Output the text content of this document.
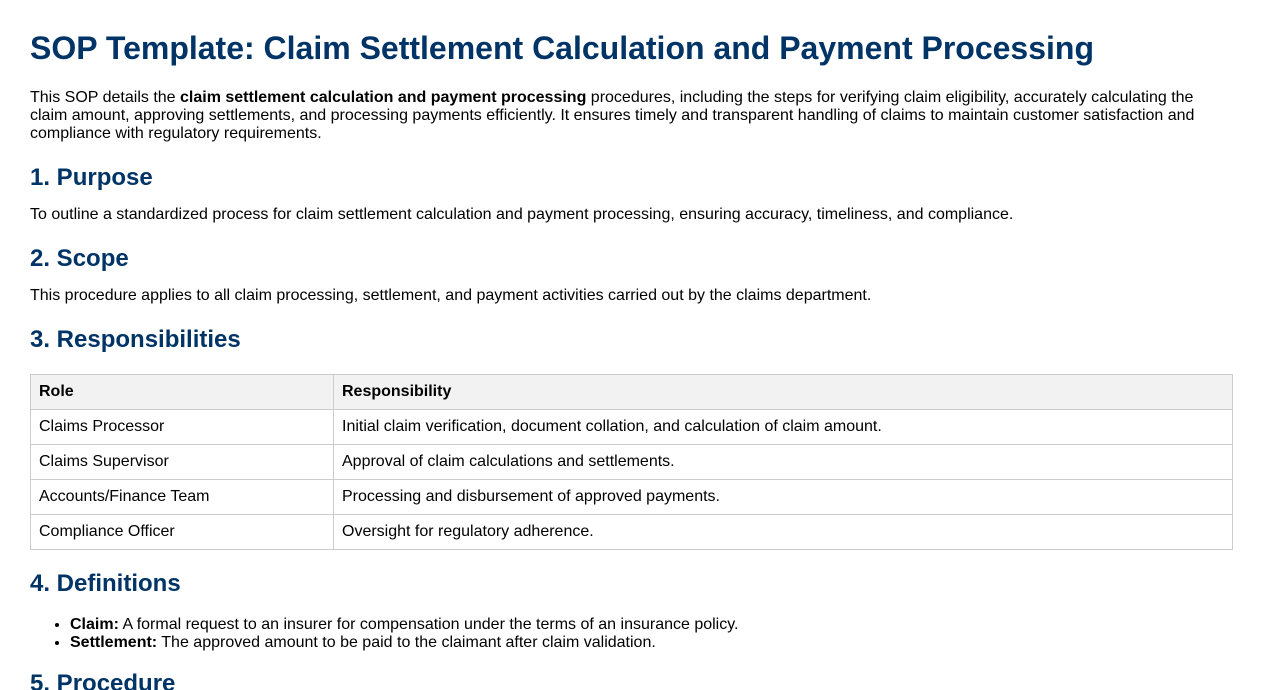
SOP Template: Claim Settlement Calculation and Payment Processing

This SOP details the claim settlement calculation and payment processing procedures, including the steps for verifying claim eligibility, accurately calculating the claim amount, approving settlements, and processing payments efficiently. It ensures timely and transparent handling of claims to maintain customer satisfaction and compliance with regulatory requirements.

1. Purpose

To outline a standardized process for claim settlement calculation and payment processing, ensuring accuracy, timeliness, and compliance.

2. Scope

This procedure applies to all claim processing, settlement, and payment activities carried out by the claims department.

3. Responsibilities
Role	Responsibility
Claims Processor	Initial claim verification, document collation, and calculation of claim amount.
Claims Supervisor	Approval of claim calculations and settlements.
Accounts/Finance Team	Processing and disbursement of approved payments.
Compliance Officer	Oversight for regulatory adherence.
4. Definitions
• Claim: A formal request to an insurer for compensation under the terms of an insurance policy.
• Settlement: The approved amount to be paid to the claimant after claim validation.
5. Procedure
